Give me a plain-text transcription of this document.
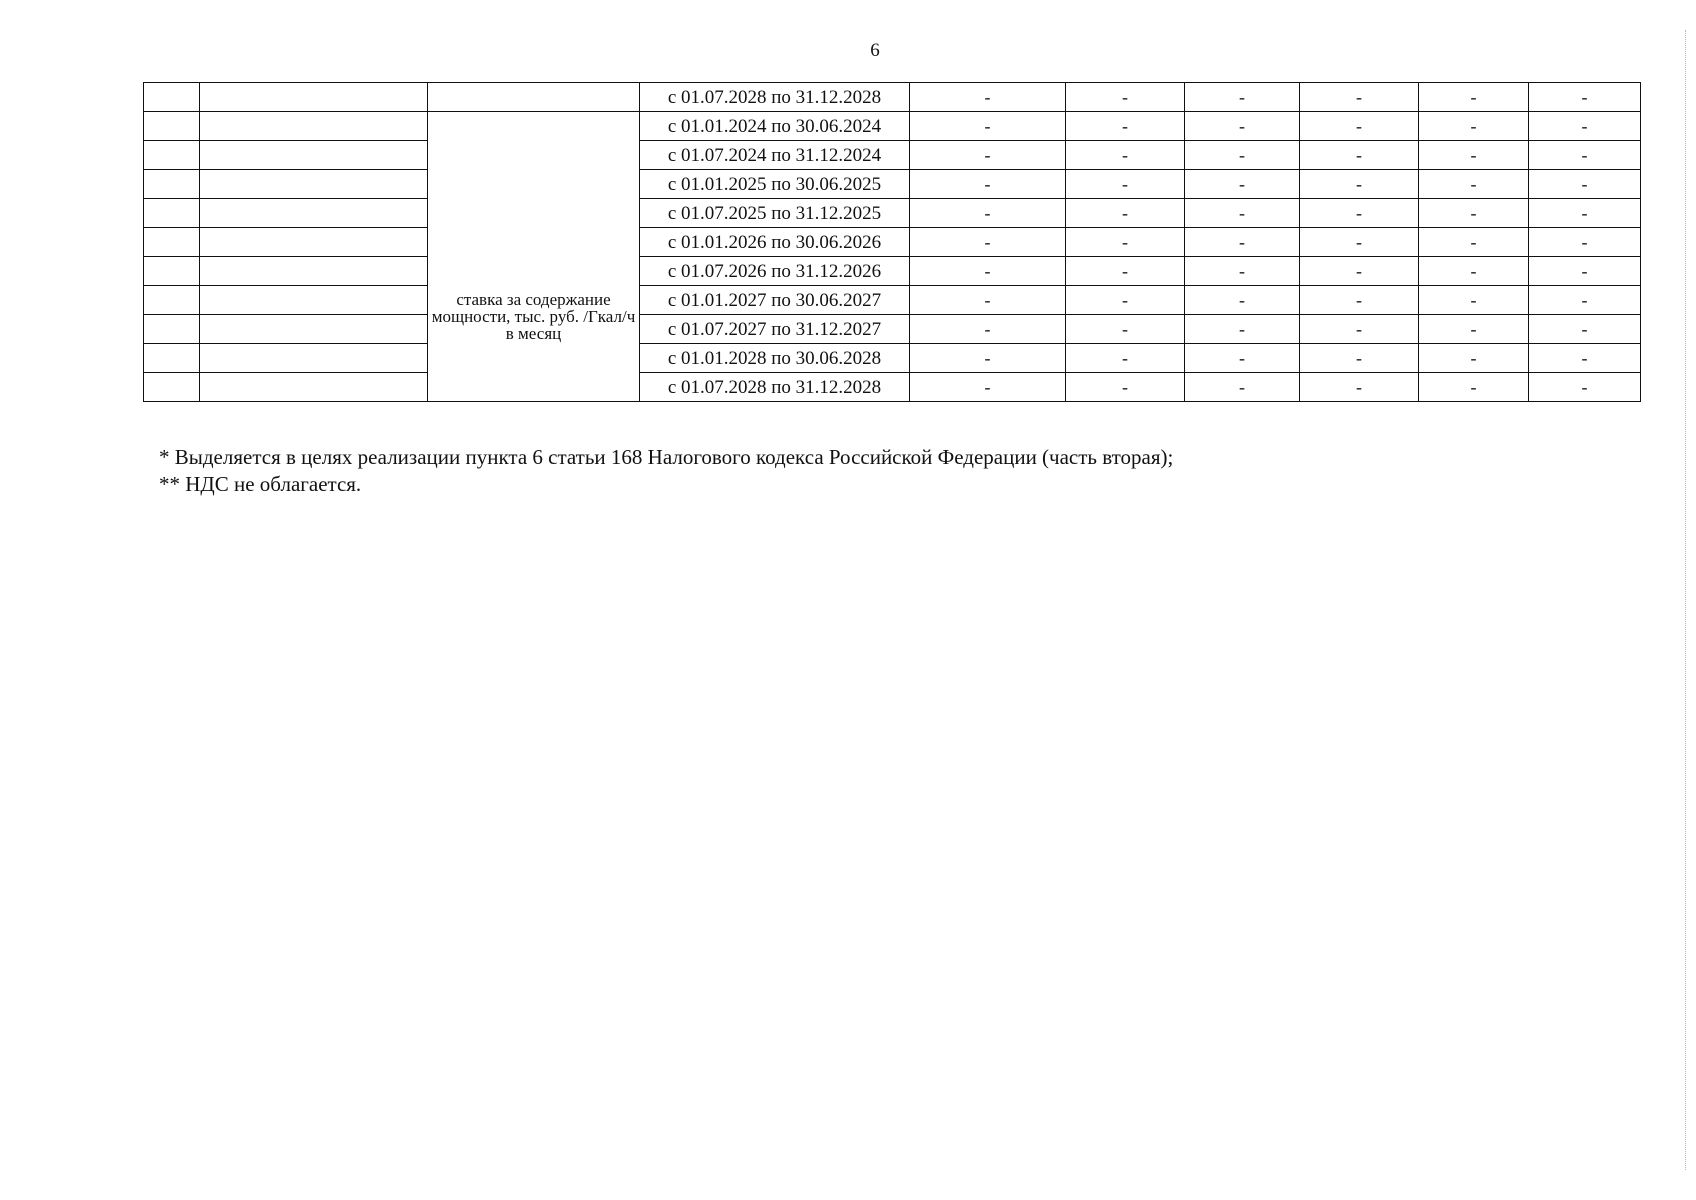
6
			с 01.07.2028 по 31.12.2028	-	-	-	-	-	-

		ставка за содержание мощности, тыс. руб. /Гкал/ч в месяц	с 01.01.2024 по 30.06.2024	-	-	-	-	-	-
			с 01.07.2024 по 31.12.2024	-	-	-	-	-	-
			с 01.01.2025 по 30.06.2025	-	-	-	-	-	-
			с 01.07.2025 по 31.12.2025	-	-	-	-	-	-
			с 01.01.2026 по 30.06.2026	-	-	-	-	-	-
			с 01.07.2026 по 31.12.2026	-	-	-	-	-	-
			с 01.01.2027 по 30.06.2027	-	-	-	-	-	-
			с 01.07.2027 по 31.12.2027	-	-	-	-	-	-
			с 01.01.2028 по 30.06.2028	-	-	-	-	-	-
			с 01.07.2028 по 31.12.2028	-	-	-	-	-	-
* Выделяется в целях реализации пункта 6 статьи 168 Налогового кодекса Российской Федерации (часть вторая);
** НДС не облагается.
